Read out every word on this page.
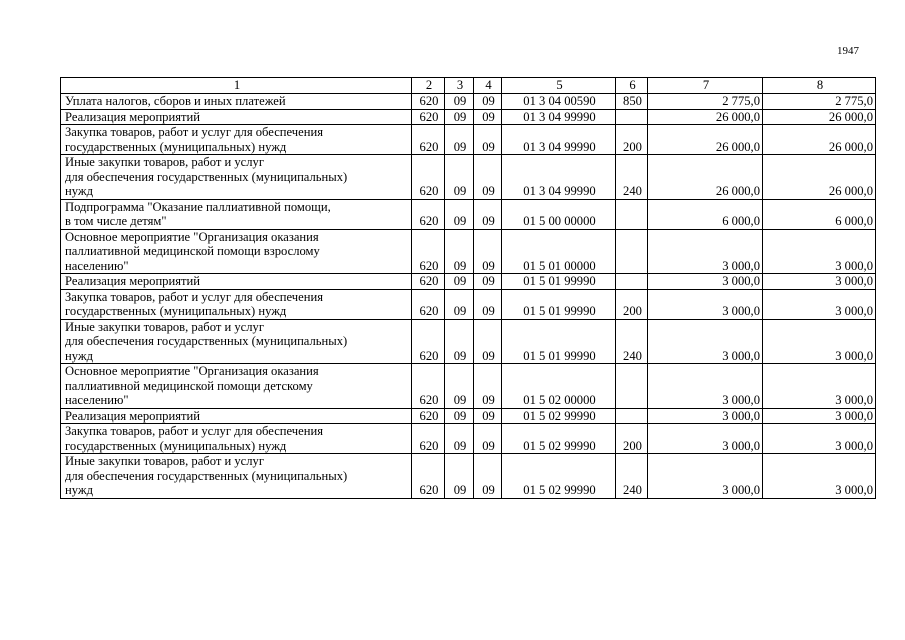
1947
1	2	3	4	5	6	7	8

Уплата налогов, сборов и иных платежей	620	09	09	01 3 04 00590	850	2 775,0	2 775,0

Реализация мероприятий	620	09	09	01 3 04 99990		26 000,0	26 000,0

Закупка товаров, работ и услуг для обеспечения
государственных (муниципальных) нужд	620	09	09	01 3 04 99990	200	26 000,0	26 000,0

Иные закупки товаров, работ и услуг
для обеспечения государственных (муниципальных)
нужд	620	09	09	01 3 04 99990	240	26 000,0	26 000,0

Подпрограмма "Оказание паллиативной помощи,
в том числе детям"	620	09	09	01 5 00 00000		6 000,0	6 000,0

Основное мероприятие "Организация оказания
паллиативной медицинской помощи взрослому
населению"	620	09	09	01 5 01 00000		3 000,0	3 000,0

Реализация мероприятий	620	09	09	01 5 01 99990		3 000,0	3 000,0

Закупка товаров, работ и услуг для обеспечения
государственных (муниципальных) нужд	620	09	09	01 5 01 99990	200	3 000,0	3 000,0

Иные закупки товаров, работ и услуг
для обеспечения государственных (муниципальных)
нужд	620	09	09	01 5 01 99990	240	3 000,0	3 000,0

Основное мероприятие "Организация оказания
паллиативной медицинской помощи детскому
населению"	620	09	09	01 5 02 00000		3 000,0	3 000,0

Реализация мероприятий	620	09	09	01 5 02 99990		3 000,0	3 000,0

Закупка товаров, работ и услуг для обеспечения
государственных (муниципальных) нужд	620	09	09	01 5 02 99990	200	3 000,0	3 000,0

Иные закупки товаров, работ и услуг
для обеспечения государственных (муниципальных)
нужд	620	09	09	01 5 02 99990	240	3 000,0	3 000,0
